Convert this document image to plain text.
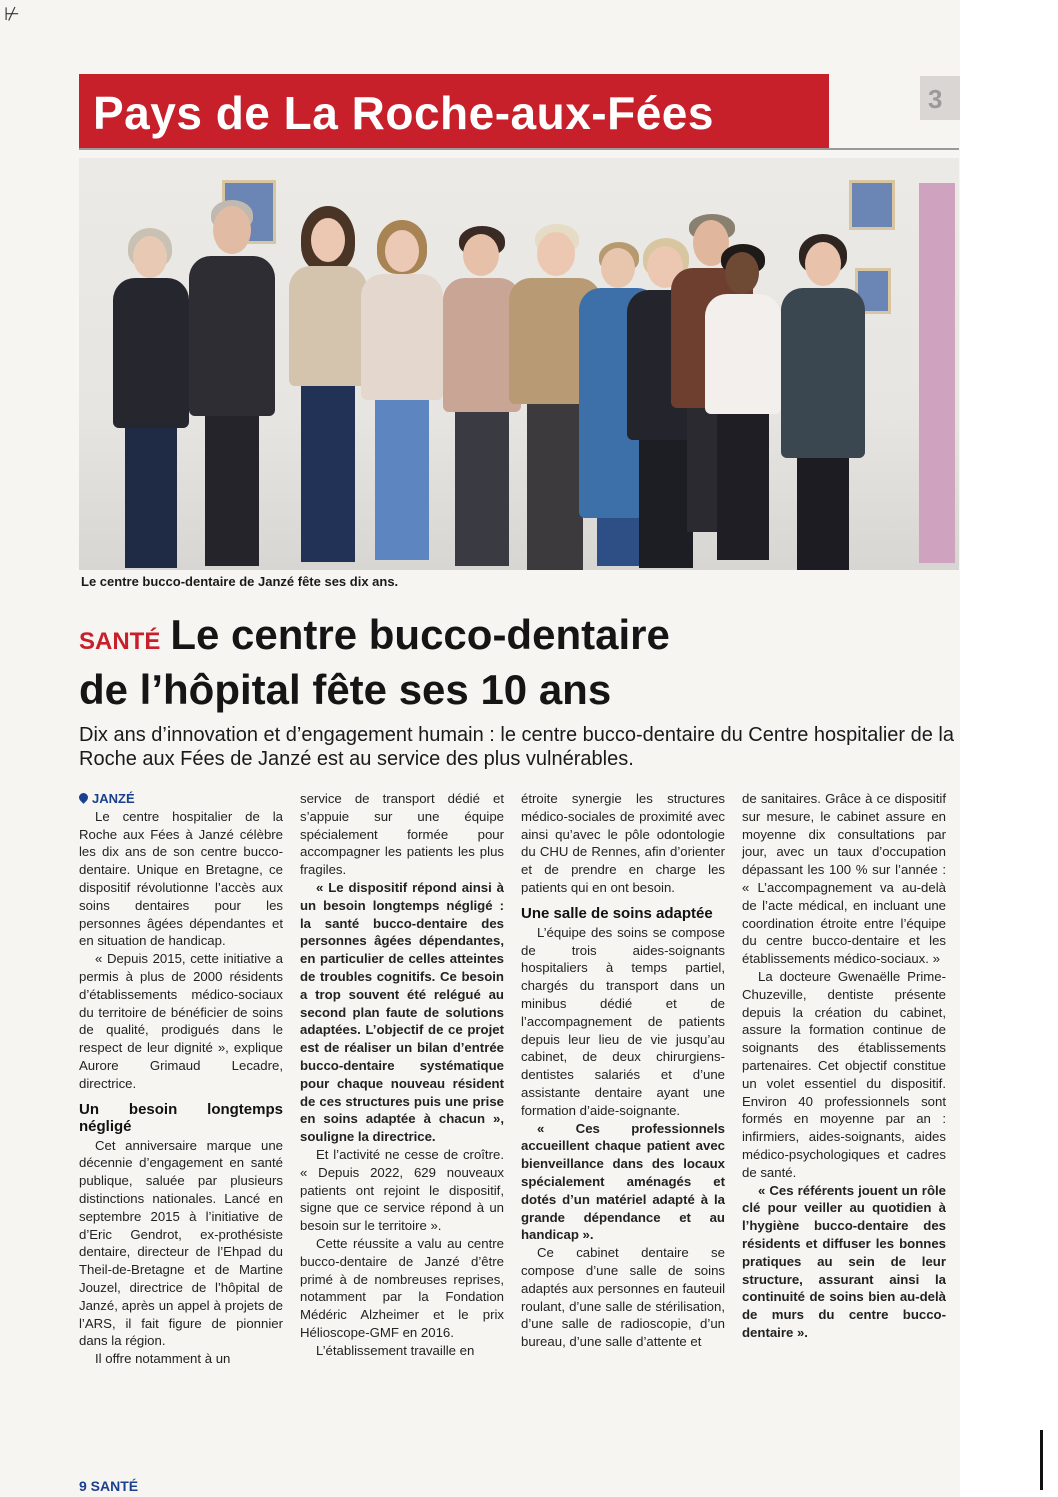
⊬
Pays de La Roche-aux-Fées	3
Le centre bucco-dentaire de Janzé fête ses dix ans.
SANTÉ Le centre bucco-dentaire
de l’hôpital fête ses 10 ans
Dix ans d’innovation et d’engagement humain : le centre bucco-dentaire du Centre hospitalier de la Roche aux Fées de Janzé est au service des plus vulnérables.

JANZÉ

Le centre hospitalier de la Roche aux Fées à Janzé célèbre les dix ans de son centre bucco-dentaire. Unique en Bretagne, ce dispositif révolutionne l’accès aux soins dentaires pour les personnes âgées dépendantes et en situation de handicap.

« Depuis 2015, cette initiative a permis à plus de 2000 résidents d’établissements médico-sociaux du territoire de bénéficier de soins de qualité, prodigués dans le respect de leur dignité », explique Aurore Grimaud Lecadre, directrice.

Un besoin longtemps négligé

Cet anniversaire marque une décennie d’engagement en santé publique, saluée par plusieurs distinctions nationales. Lancé en septembre 2015 à l’initiative de d’Eric Gendrot, ex-prothésiste dentaire, directeur de l’Ehpad du Theil-de-Bretagne et de Martine Jouzel, directrice de l’hôpital de Janzé, après un appel à projets de l’ARS, il fait figure de pionnier dans la région.

Il offre notamment à un

service de transport dédié et s’appuie sur une équipe spécialement formée pour accompagner les patients les plus fragiles.

« Le dispositif répond ainsi à un besoin longtemps négligé : la santé bucco-dentaire des personnes âgées dépendantes, en particulier de celles atteintes de troubles cognitifs. Ce besoin a trop souvent été relégué au second plan faute de solutions adaptées. L’objectif de ce projet est de réaliser un bilan d’entrée bucco-dentaire systématique pour chaque nouveau résident de ces structures puis une prise en soins adaptée à chacun », souligne la directrice.

Et l’activité ne cesse de croître. « Depuis 2022, 629 nouveaux patients ont rejoint le dispositif, signe que ce service répond à un besoin sur le territoire ».

Cette réussite a valu au centre bucco-dentaire de Janzé d’être primé à de nombreuses reprises, notamment par la Fondation Médéric Alzheimer et le prix Hélioscope-GMF en 2016.

L’établissement travaille en

étroite synergie les structures médico-sociales de proximité avec ainsi qu’avec le pôle odontologie du CHU de Rennes, afin d’orienter et de prendre en charge les patients qui en ont besoin.

Une salle de soins adaptée

L’équipe des soins se compose de trois aides-soignants hospitaliers à temps partiel, chargés du transport dans un minibus dédié et de l’accompagnement de patients depuis leur lieu de vie jusqu’au cabinet, de deux chirurgiens-dentistes salariés et d’une assistante dentaire ayant une formation d’aide-soignante.

« Ces professionnels accueillent chaque patient avec bienveillance dans des locaux spécialement aménagés et dotés d’un matériel adapté à la grande dépendance et au handicap ».

Ce cabinet dentaire se compose d’une salle de soins adaptés aux personnes en fauteuil roulant, d’une salle de stérilisation, d’une salle de radioscopie, d’un bureau, d’une salle d’attente et

de sanitaires. Grâce à ce dispositif sur mesure, le cabinet assure en moyenne dix consultations par jour, avec un taux d’occupation dépassant les 100 % sur l’année : « L’accompagnement va au-delà de l’acte médical, en incluant une coordination étroite entre l’équipe du centre bucco-dentaire et les établissements médico-sociaux. »

La docteure Gwenaëlle Prime-Chuzeville, dentiste présente depuis la création du cabinet, assure la formation continue de soignants des établissements partenaires. Cet objectif constitue un volet essentiel du dispositif. Environ 40 professionnels sont formés en moyenne par an : infirmiers, aides-soignants, aides médico-psychologiques et cadres de santé.

« Ces référents jouent un rôle clé pour veiller au quotidien à l’hygiène bucco-dentaire des résidents et diffuser les bonnes pratiques au sein de leur structure, assurant ainsi la continuité de soins bien au-delà de murs du centre bucco-dentaire ».

9 SANTÉ
